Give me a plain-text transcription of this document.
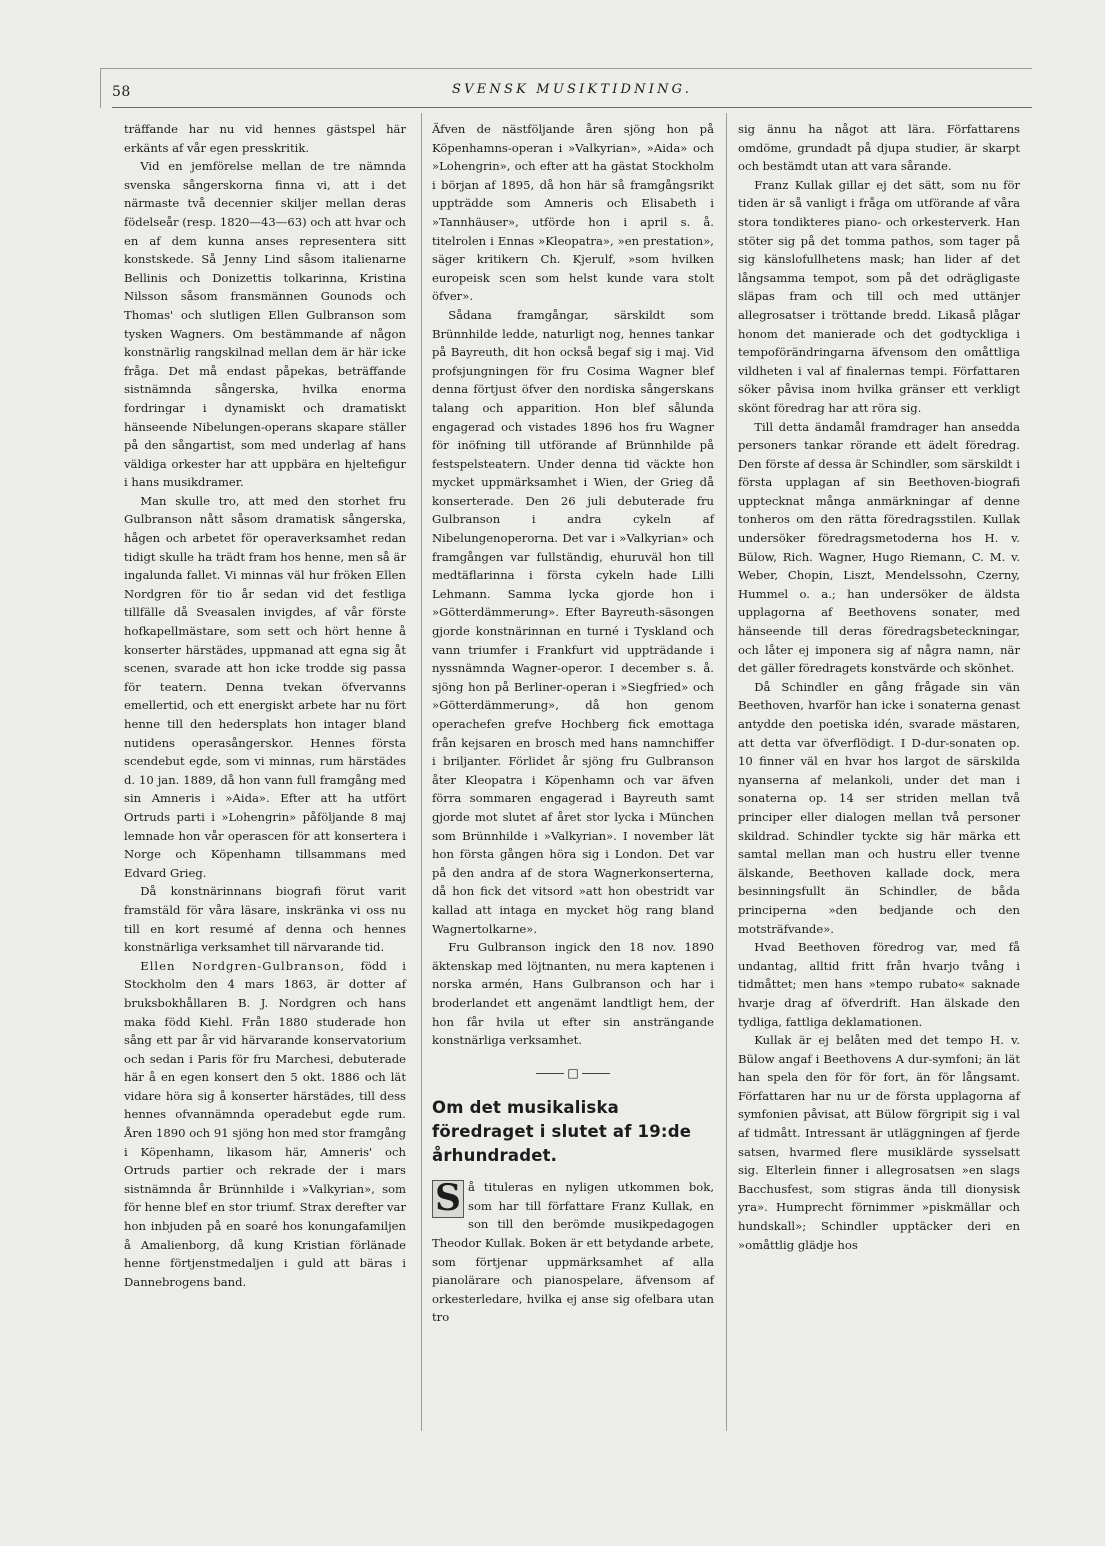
58	SVENSK MUSIKTIDNING.

träffande har nu vid hennes gästspel här erkänts af vår egen presskritik.

Vid en jemförelse mellan de tre nämnda svenska sångerskorna finna vi, att i det närmaste två decennier skiljer mellan deras födelseår (resp. 1820—43—63) och att hvar och en af dem kunna anses representera sitt konstskede. Så Jenny Lind såsom italienarne Bellinis och Donizettis tolkarinna, Kristina Nilsson såsom fransmännen Gounods och Thomas' och slutligen Ellen Gulbranson som tysken Wagners. Om bestämmande af någon konstnärlig rangskilnad mellan dem är här icke fråga. Det må endast påpekas, beträffande sistnämnda sångerska, hvilka enorma fordringar i dynamiskt och dramatiskt hänseende Nibelungen-operans skapare ställer på den sångartist, som med underlag af hans väldiga orkester har att uppbära en hjeltefigur i hans musikdramer.

Man skulle tro, att med den storhet fru Gulbranson nått såsom dramatisk sångerska, hågen och arbetet för operaverksamhet redan tidigt skulle ha trädt fram hos henne, men så är ingalunda fallet. Vi minnas väl hur fröken Ellen Nordgren för tio år sedan vid det festliga tillfälle då Sveasalen invigdes, af vår förste hofkapellmästare, som sett och hört henne å konserter härstädes, uppmanad att egna sig åt scenen, svarade att hon icke trodde sig passa för teatern. Denna tvekan öfvervanns emellertid, och ett energiskt arbete har nu fört henne till den hedersplats hon intager bland nutidens operasångerskor. Hennes första scendebut egde, som vi minnas, rum härstädes d. 10 jan. 1889, då hon vann full framgång med sin Amneris i »Aida». Efter att ha utfört Ortruds parti i »Lohengrin» påföljande 8 maj lemnade hon vår operascen för att konsertera i Norge och Köpenhamn tillsammans med Edvard Grieg.

Då konstnärinnans biografi förut varit framstäld för våra läsare, inskränka vi oss nu till en kort resumé af denna och hennes konstnärliga verksamhet till närvarande tid.

Ellen Nordgren-Gulbranson, född i Stockholm den 4 mars 1863, är dotter af bruksbokhållaren B. J. Nordgren och hans maka född Kiehl. Från 1880 studerade hon sång ett par år vid härvarande konservatorium och sedan i Paris för fru Marchesi, debuterade här å en egen konsert den 5 okt. 1886 och lät vidare höra sig å konserter härstädes, till dess hennes ofvannämnda operadebut egde rum. Åren 1890 och 91 sjöng hon med stor framgång i Köpenhamn, likasom här, Amneris' och Ortruds partier och rekrade der i mars sistnämnda år Brünnhilde i »Valkyrian», som för henne blef en stor triumf. Strax derefter var hon inbjuden på en soaré hos konungafamiljen å Amalienborg, då kung Kristian förlänade henne förtjenstmedaljen i guld att bäras i Dannebrogens band.

Äfven de nästföljande åren sjöng hon på Köpenhamns-operan i »Valkyrian», »Aida» och »Lohengrin», och efter att ha gästat Stockholm i början af 1895, då hon här så framgångsrikt uppträdde som Amneris och Elisabeth i »Tannhäuser», utförde hon i april s. å. titelrolen i Ennas »Kleopatra», »en prestation», säger kritikern Ch. Kjerulf, »som hvilken europeisk scen som helst kunde vara stolt öfver».

Sådana framgångar, särskildt som Brünnhilde ledde, naturligt nog, hennes tankar på Bayreuth, dit hon också begaf sig i maj. Vid profsjungningen för fru Cosima Wagner blef denna förtjust öfver den nordiska sångerskans talang och apparition. Hon blef sålunda engagerad och vistades 1896 hos fru Wagner för inöfning till utförande af Brünnhilde på festspelsteatern. Under denna tid väckte hon mycket uppmärksamhet i Wien, der Grieg då konserterade. Den 26 juli debuterade fru Gulbranson i andra cykeln af Nibelungenoperorna. Det var i »Valkyrian» och framgången var fullständig, ehuruväl hon till medtäflarinna i första cykeln hade Lilli Lehmann. Samma lycka gjorde hon i »Götterdämmerung». Efter Bayreuth-säsongen gjorde konstnärinnan en turné i Tyskland och vann triumfer i Frankfurt vid uppträdande i nyssnämnda Wagner-operor. I december s. å. sjöng hon på Berliner-operan i »Siegfried» och »Götterdämmerung», då hon genom operachefen grefve Hochberg fick emottaga från kejsaren en brosch med hans namnchiffer i briljanter. Förlidet år sjöng fru Gulbranson åter Kleopatra i Köpenhamn och var äfven förra sommaren engagerad i Bayreuth samt gjorde mot slutet af året stor lycka i München som Brünnhilde i »Valkyrian». I november lät hon första gången höra sig i London. Det var på den andra af de stora Wagnerkonserterna, då hon fick det vitsord »att hon obestridt var kallad att intaga en mycket hög rang bland Wagnertolkarne».

Fru Gulbranson ingick den 18 nov. 1890 äktenskap med löjtnanten, nu mera kaptenen i norska armén, Hans Gulbranson och har i broderlandet ett angenämt landtligt hem, der hon får hvila ut efter sin ansträngande konstnärliga verksamhet.

□
Om det musikaliska föredraget i slutet af 19:de århundradet.

S å tituleras en nyligen utkommen bok, som har till författare Franz Kullak, en son till den berömde musikpedagogen Theodor Kullak. Boken är ett betydande arbete, som förtjenar uppmärksamhet af alla pianolärare och pianospelare, äfvensom af orkesterledare, hvilka ej anse sig ofelbara utan tro

sig ännu ha något att lära. Författarens omdöme, grundadt på djupa studier, är skarpt och bestämdt utan att vara sårande.

Franz Kullak gillar ej det sätt, som nu för tiden är så vanligt i fråga om utförande af våra stora tondikteres piano- och orkesterverk. Han stöter sig på det tomma pathos, som tager på sig känslofullhetens mask; han lider af det långsamma tempot, som på det odrägligaste släpas fram och till och med uttänjer allegrosatser i tröttande bredd. Likaså plågar honom det manierade och det godtyckliga i tempoförändringarna äfvensom den omåttliga vildheten i val af finalernas tempi. Författaren söker påvisa inom hvilka gränser ett verkligt skönt föredrag har att röra sig.

Till detta ändamål framdrager han ansedda personers tankar rörande ett ädelt föredrag. Den förste af dessa är Schindler, som särskildt i första upplagan af sin Beethoven-biografi upptecknat många anmärkningar af denne tonheros om den rätta föredragsstilen. Kullak undersöker föredragsmetoderna hos H. v. Bülow, Rich. Wagner, Hugo Riemann, C. M. v. Weber, Chopin, Liszt, Mendelssohn, Czerny, Hummel o. a.; han undersöker de äldsta upplagorna af Beethovens sonater, med hänseende till deras föredragsbeteckningar, och låter ej imponera sig af några namn, när det gäller föredragets konstvärde och skönhet.

Då Schindler en gång frågade sin vän Beethoven, hvarför han icke i sonaterna genast antydde den poetiska idén, svarade mästaren, att detta var öfverflödigt. I D-dur-sonaten op. 10 finner väl en hvar hos largot de särskilda nyanserna af melankoli, under det man i sonaterna op. 14 ser striden mellan två principer eller dialogen mellan två personer skildrad. Schindler tyckte sig här märka ett samtal mellan man och hustru eller tvenne älskande, Beethoven kallade dock, mera besinningsfullt än Schindler, de båda principerna »den bedjande och den motsträfvande».

Hvad Beethoven föredrog var, med få undantag, alltid fritt från hvarjo tvång i tidmåttet; men hans »tempo rubato« saknade hvarje drag af öfverdrift. Han älskade den tydliga, fattliga deklamationen.

Kullak är ej belåten med det tempo H. v. Bülow angaf i Beethovens A dur-symfoni; än lät han spela den för för fort, än för långsamt. Författaren har nu ur de första upplagorna af symfonien påvisat, att Bülow förgripit sig i val af tidmått. Intressant är utläggningen af fjerde satsen, hvarmed flere musiklärde sysselsatt sig. Elterlein finner i allegrosatsen »en slags Bacchusfest, som stigras ända till dionysisk yra». Humprecht förnimmer »piskmällar och hundskall»; Schindler upptäcker deri en »omåttlig glädje hos
